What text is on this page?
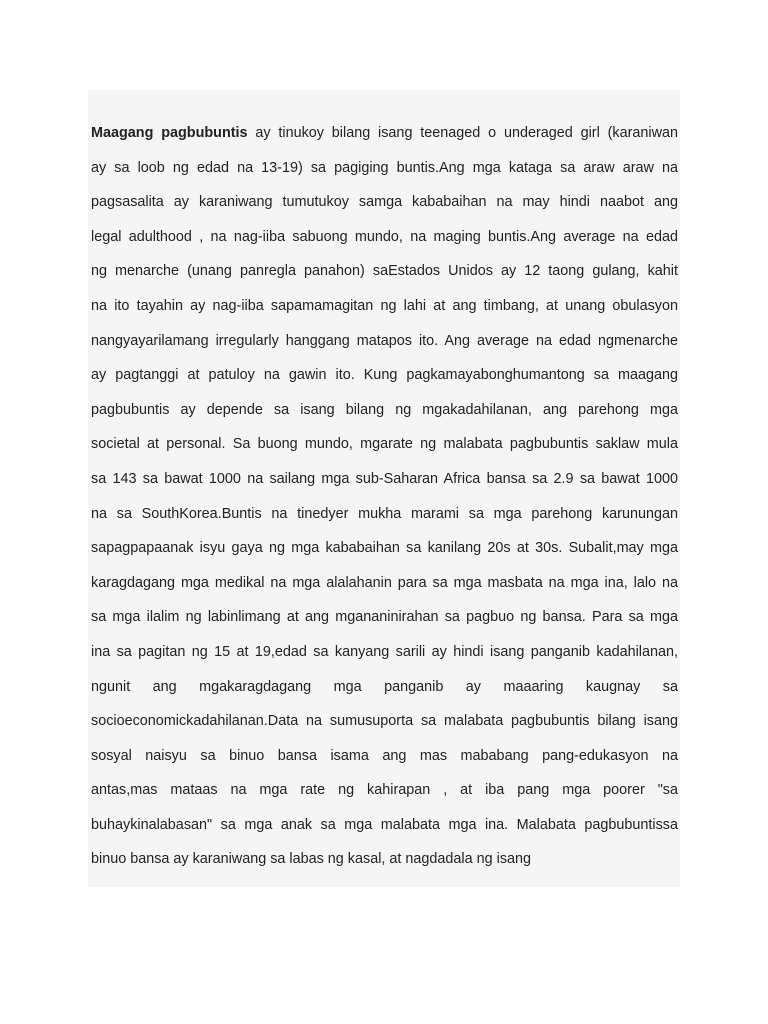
Maagang pagbubuntis ay tinukoy bilang isang teenaged o underaged girl (karaniwan
ay sa loob ng edad na 13-19) sa pagiging buntis.Ang mga kataga sa araw araw na
pagsasalita ay karaniwang tumutukoy samga kababaihan na may hindi naabot ang
legal adulthood , na nag-iiba sabuong mundo, na maging buntis.Ang average na edad
ng menarche (unang panregla panahon) saEstados Unidos ay 12 taong gulang, kahit
na ito tayahin ay nag-iiba sapamamagitan ng lahi at ang timbang, at unang obulasyon
nangyayarilamang irregularly hanggang matapos ito. Ang average na edad ngmenarche
ay pagtanggi at patuloy na gawin ito. Kung pagkamayabonghumantong sa maagang
pagbubuntis ay depende sa isang bilang ng mgakadahilanan, ang parehong mga
societal at personal. Sa buong mundo, mgarate ng malabata pagbubuntis saklaw mula
sa 143 sa bawat 1000 na sailang mga sub-Saharan Africa bansa sa 2.9 sa bawat 1000
na sa SouthKorea.Buntis na tinedyer mukha marami sa mga parehong karunungan
sapagpapaanak isyu gaya ng mga kababaihan sa kanilang 20s at 30s. Subalit,may mga
karagdagang mga medikal na mga alalahanin para sa mga masbata na mga ina, lalo na
sa mga ilalim ng labinlimang at ang mgananinirahan sa pagbuo ng bansa. Para sa mga
ina sa pagitan ng 15 at 19,edad sa kanyang sarili ay hindi isang panganib kadahilanan,
ngunit ang mgakaragdagang mga panganib ay maaaring kaugnay sa
socioeconomickadahilanan.Data na sumusuporta sa malabata pagbubuntis bilang isang
sosyal naisyu sa binuo bansa isama ang mas mababang pang-edukasyon na
antas,mas mataas na mga rate ng kahirapan , at iba pang mga poorer "sa
buhaykinalabasan" sa mga anak sa mga malabata mga ina. Malabata pagbubuntissa
binuo bansa ay karaniwang sa labas ng kasal, at nagdadala ng isang
